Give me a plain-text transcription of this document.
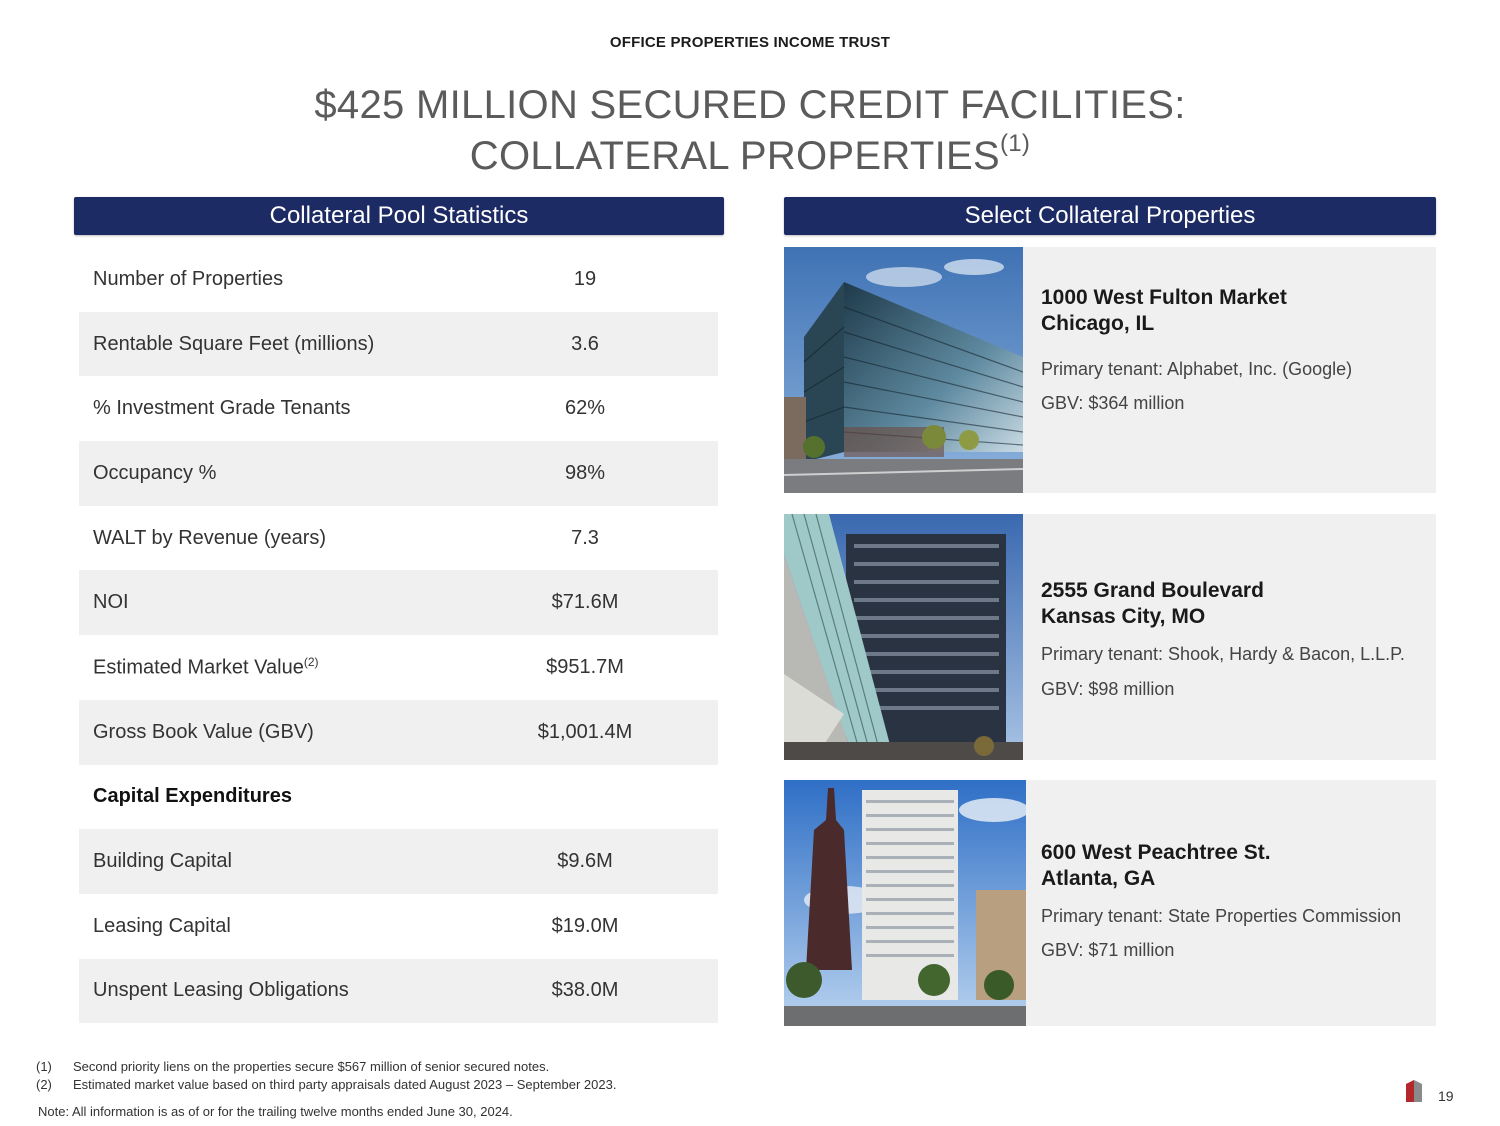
OFFICE PROPERTIES INCOME TRUST
$425 MILLION SECURED CREDIT FACILITIES:
COLLATERAL PROPERTIES$^{(1)}$
Collateral Pool Statistics	Select Collateral Properties
Number of Properties	19
Rentable Square Feet (millions)	3.6
% Investment Grade Tenants	62%
Occupancy %	98%
WALT by Revenue (years)	7.3
NOI	$71.6M
Estimated Market Value$^{(2)}$	$951.7M
Gross Book Value (GBV)	$1,001.4M
Capital Expenditures
Building Capital	$9.6M
Leasing Capital	$19.0M
Unspent Leasing Obligations	$38.0M
1000 West Fulton Market
Chicago, IL
Primary tenant: Alphabet, Inc. (Google)
GBV: $364 million
2555 Grand Boulevard
Kansas City, MO
Primary tenant: Shook, Hardy & Bacon, L.L.P.
GBV: $98 million
600 West Peachtree St.
Atlanta, GA
Primary tenant: State Properties Commission
GBV: $71 million
(1)	Second priority liens on the properties secure $567 million of senior secured notes.
(2)	Estimated market value based on third party appraisals dated August 2023 – September 2023.
Note: All information is as of or for the trailing twelve months ended June 30, 2024.
19
